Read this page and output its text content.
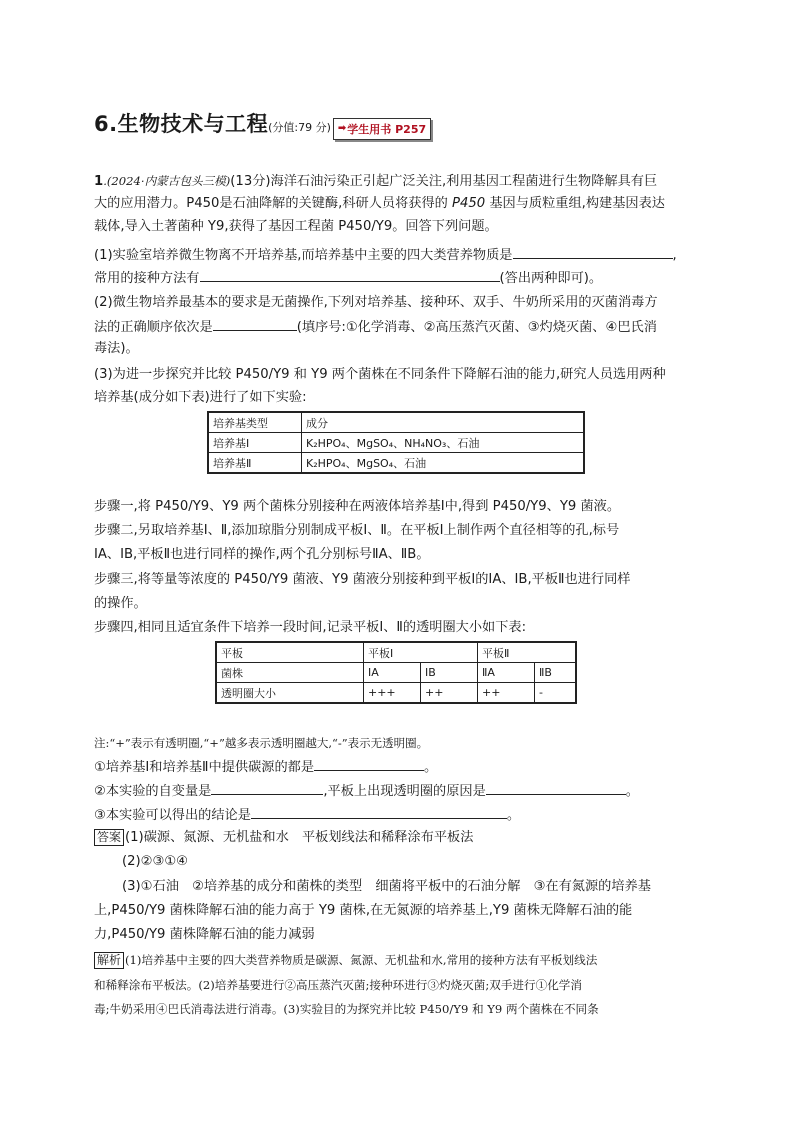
6.生物技术与工程(分值:79 分) ➡ 学生用书 P257
1.(2024·内蒙古包头三模)(13分)海洋石油污染正引起广泛关注,利用基因工程菌进行生物降解具有巨
大的应用潜力。P450是石油降解的关键酶,科研人员将获得的 P450 基因与质粒重组,构建基因表达
载体,导入土著菌种 Y9,获得了基因工程菌 P450/Y9。回答下列问题。
(1)实验室培养微生物离不开培养基,而培养基中主要的四大类营养物质是	,
常用的接种方法有	(答出两种即可)。
(2)微生物培养最基本的要求是无菌操作,下列对培养基、接种环、双手、牛奶所采用的灭菌消毒方
法的正确顺序依次是	(填序号:①化学消毒、②高压蒸汽灭菌、③灼烧灭菌、④巴氏消
毒法)。
(3)为进一步探究并比较 P450/Y9 和 Y9 两个菌株在不同条件下降解石油的能力,研究人员选用两种
培养基(成分如下表)进行了如下实验:
培养基类型	成分
培养基Ⅰ	K₂HPO₄、MgSO₄、NH₄NO₃、石油
培养基Ⅱ	K₂HPO₄、MgSO₄、石油
步骤一,将 P450/Y9、Y9 两个菌株分别接种在两液体培养基Ⅰ中,得到 P450/Y9、Y9 菌液。
步骤二,另取培养基Ⅰ、Ⅱ,添加琼脂分别制成平板Ⅰ、Ⅱ。在平板Ⅰ上制作两个直径相等的孔,标号
ⅠA、ⅠB,平板Ⅱ也进行同样的操作,两个孔分别标号ⅡA、ⅡB。
步骤三,将等量等浓度的 P450/Y9 菌液、Y9 菌液分别接种到平板Ⅰ的ⅠA、ⅠB,平板Ⅱ也进行同样
的操作。
步骤四,相同且适宜条件下培养一段时间,记录平板Ⅰ、Ⅱ的透明圈大小如下表:
平板	平板Ⅰ		平板Ⅱ	
菌株	ⅠA	ⅠB	ⅡA	ⅡB
透明圈大小	+++	++	++	-
注:“+”表示有透明圈,“+”越多表示透明圈越大,“-”表示无透明圈。
①培养基Ⅰ和培养基Ⅱ中提供碳源的都是	。
②本实验的自变量是	,平板上出现透明圈的原因是	。
③本实验可以得出的结论是	。
答案 (1)碳源、氮源、无机盐和水　平板划线法和稀释涂布平板法
(2)②③①④
(3)①石油　②培养基的成分和菌株的类型　细菌将平板中的石油分解　③在有氮源的培养基
上,P450/Y9 菌株降解石油的能力高于 Y9 菌株,在无氮源的培养基上,Y9 菌株无降解石油的能
力,P450/Y9 菌株降解石油的能力减弱
解析 (1)培养基中主要的四大类营养物质是碳源、氮源、无机盐和水,常用的接种方法有平板划线法
和稀释涂布平板法。(2)培养基要进行②高压蒸汽灭菌;接种环进行③灼烧灭菌;双手进行①化学消
毒;牛奶采用④巴氏消毒法进行消毒。(3)实验目的为探究并比较 P450/Y9 和 Y9 两个菌株在不同条
